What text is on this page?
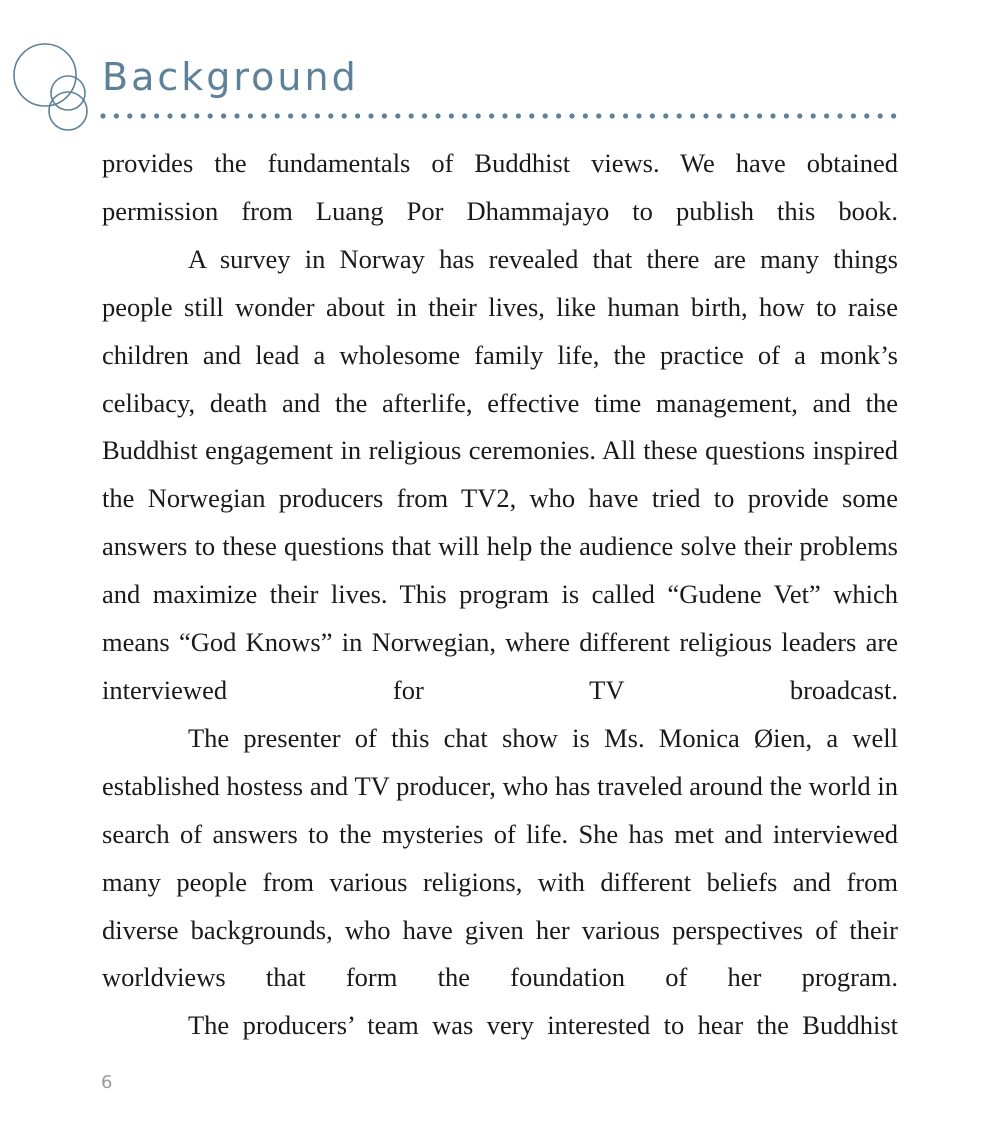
Background

provides the fundamentals of Buddhist views. We have obtained permission from Luang Por Dhammajayo to publish this book.

A survey in Norway has revealed that there are many things people still wonder about in their lives, like human birth, how to raise children and lead a wholesome family life, the practice of a monk’s celibacy, death and the afterlife, effective time management, and the Buddhist engagement in religious ceremonies. All these questions inspired the Norwegian producers from TV2, who have tried to provide some answers to these questions that will help the audience solve their problems and maximize their lives. This program is called “Gudene Vet” which means “God Knows” in Norwegian, where different religious leaders are interviewed for TV broadcast.

The presenter of this chat show is Ms. Monica Øien, a well established hostess and TV producer, who has traveled around the world in search of answers to the mysteries of life. She has met and interviewed many people from various religions, with different beliefs and from diverse backgrounds, who have given her various perspectives of their worldviews that form the foundation of her program.

The producers’ team was very interested to hear the Buddhist

6
